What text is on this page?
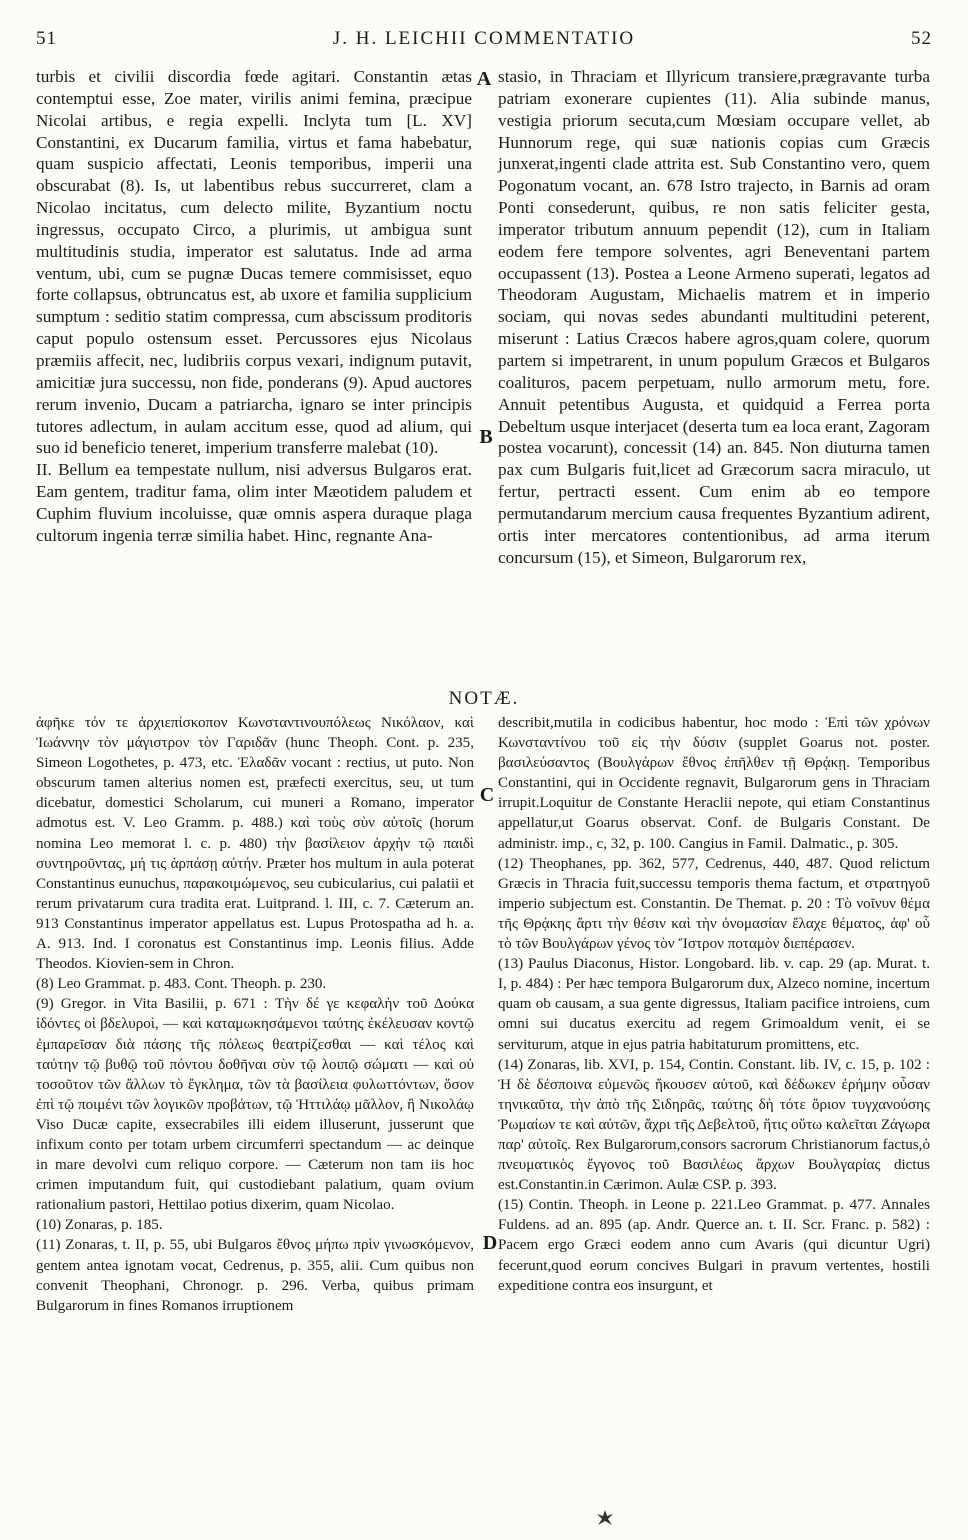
51	J. H. LEICHII COMMENTATIO	52
A
B
C
D

turbis et civilii discordia fœde agitari. Constantin ætas contemptui esse, Zoe mater, virilis animi femina, præcipue Nicolai artibus, e regia expelli. Inclyta tum [L. XV] Constantini, ex Ducarum familia, virtus et fama habebatur, quam suspicio affectati, Leonis temporibus, imperii una obscurabat (8). Is, ut labentibus rebus succurreret, clam a Nicolao incitatus, cum delecto milite, Byzantium noctu ingressus, occupato Circo, a plurimis, ut ambigua sunt multitudinis studia, imperator est salutatus. Inde ad arma ventum, ubi, cum se pugnæ Ducas temere commisisset, equo forte collapsus, obtruncatus est, ab uxore et familia supplicium sumptum : seditio statim compressa, cum abscissum proditoris caput populo ostensum esset. Percussores ejus Nicolaus præmiis affecit, nec, ludibriis corpus vexari, indignum putavit, amicitiæ jura successu, non fide, ponderans (9). Apud auctores rerum invenio, Ducam a patriarcha, ignaro se inter principis tutores adlectum, in aulam accitum esse, quod ad alium, qui suo id beneficio teneret, imperium transferre malebat (10).

II. Bellum ea tempestate nullum, nisi adversus Bulgaros erat. Eam gentem, traditur fama, olim inter Mæotidem paludem et Cuphim fluvium incoluisse, quæ omnis aspera duraque plaga cultorum ingenia terræ similia habet. Hinc, regnante Ana-

stasio, in Thraciam et Illyricum transiere,prægravante turba patriam exonerare cupientes (11). Alia subinde manus, vestigia priorum secuta,cum Mœsiam occupare vellet, ab Hunnorum rege, qui suæ nationis copias cum Græcis junxerat,ingenti clade attrita est. Sub Constantino vero, quem Pogonatum vocant, an. 678 Istro trajecto, in Barnis ad oram Ponti consederunt, quibus, re non satis feliciter gesta, imperator tributum annuum pependit (12), cum in Italiam eodem fere tempore solventes, agri Beneventani partem occupassent (13). Postea a Leone Armeno superati, legatos ad Theodoram Augustam, Michaelis matrem et in imperio sociam, qui novas sedes abundanti multitudini peterent, miserunt : Latius Cræcos habere agros,quam colere, quorum partem si impetrarent, in unum populum Græcos et Bulgaros coalituros, pacem perpetuam, nullo armorum metu, fore. Annuit petentibus Augusta, et quidquid a Ferrea porta Debeltum usque interjacet (deserta tum ea loca erant, Zagoram postea vocarunt), concessit (14) an. 845. Non diuturna tamen pax cum Bulgaris fuit,licet ad Græcorum sacra miraculo, ut fertur, pertracti essent. Cum enim ab eo tempore permutandarum mercium causa frequentes Byzantium adirent, ortis inter mercatores contentionibus, ad arma iterum concursum (15), et Simeon, Bulgarorum rex,

NOTÆ.

ἀφῆκε τόν τε ἀρχιεπίσκοπον Κωνσταντινουπόλεως Νικόλαον, καὶ Ἰωάννην τὸν μάγιστρον τὸν Γαριδᾶν (hunc Theoph. Cont. p. 235, Simeon Logothetes, p. 473, etc. Ἐλαδᾶν vocant : rectius, ut puto. Non obscurum tamen alterius nomen est, præfecti exercitus, seu, ut tum dicebatur, domestici Scholarum, cui muneri a Romano, imperator admotus est. V. Leo Gramm. p. 488.) καὶ τοὺς σὺν αὐτοῖς (horum nomina Leo memorat l. c. p. 480) τὴν βασίλειον ἀρχὴν τῷ παιδὶ συντηροῦντας, μή τις ἁρπάσῃ αὐτήν. Præter hos multum in aula poterat Constantinus eunuchus, παρακοιμώμενος, seu cubicularius, cui palatii et rerum privatarum cura tradita erat. Luitprand. l. III, c. 7. Cæterum an. 913 Constantinus imperator appellatus est. Lupus Protospatha ad h. a. A. 913. Ind. I coronatus est Constantinus imp. Leonis filius. Adde Theodos. Kiovien-sem in Chron.

(8) Leo Grammat. p. 483. Cont. Theoph. p. 230.

(9) Gregor. in Vita Basilii, p. 671 : Τὴν δέ γε κεφαλὴν τοῦ Δούκα ἰδόντες οἱ βδελυροὶ, — καὶ καταμωκησάμενοι ταύτης ἐκέλευσαν κοντῷ ἐμπαρεῖσαν διὰ πάσης τῆς πόλεως θεατρίζεσθαι — καὶ τέλος καὶ ταύτην τῷ βυθῷ τοῦ πόντου δοθῆναι σὺν τῷ λοιπῷ σώματι — καὶ οὐ τοσοῦτον τῶν ἄλλων τὸ ἔγκλημα, τῶν τὰ βασίλεια φυλωττόντων, ὅσον ἐπὶ τῷ ποιμένι τῶν λογικῶν προβάτων, τῷ Ἠττιλάῳ μᾶλλον, ἢ Νικολάῳ Viso Ducæ capite, exsecrabiles illi eidem illuserunt, jusserunt que infixum conto per totam urbem circumferri spectandum — ac deinque in mare devolvi cum reliquo corpore. — Cæterum non tam iis hoc crimen imputandum fuit, qui custodiebant palatium, quam ovium rationalium pastori, Hettilao potius dixerim, quam Nicolao.

(10) Zonaras, p. 185.

(11) Zonaras, t. II, p. 55, ubi Bulgaros ἔθνος μήπω πρὶν γινωσκόμενον, gentem antea ignotam vocat, Cedrenus, p. 355, alii. Cum quibus non convenit Theophani, Chronogr. p. 296. Verba, quibus primam Bulgarorum in fines Romanos irruptionem

describit,mutila in codicibus habentur, hoc modo : Ἐπὶ τῶν χρόνων Κωνσταντίνου τοῦ εἰς τὴν δύσιν (supplet Goarus not. poster. βασιλεύσαντος (Βουλγάρων ἔθνος ἐπῆλθεν τῇ Θρᾴκῃ. Temporibus Constantini, qui in Occidente regnavit, Bulgarorum gens in Thraciam irrupit.Loquitur de Constante Heraclii nepote, qui etiam Constantinus appellatur,ut Goarus observat. Conf. de Bulgaris Constant. De administr. imp., c, 32, p. 100. Cangius in Famil. Dalmatic., p. 305.

(12) Theophanes, pp. 362, 577, Cedrenus, 440, 487. Quod relictum Græcis in Thracia fuit,successu temporis thema factum, et στρατηγοῦ imperio subjectum est. Constantin. De Themat. p. 20 : Τὸ νοῖνυν θέμα τῆς Θρᾴκης ἄρτι τὴν θέσιν καὶ τὴν ὀνομασίαν ἔλαχε θέματος, ἀφ' οὗ τὸ τῶν Βουλγάρων γένος τὸν Ἴστρον ποταμὸν διεπέρασεν.

(13) Paulus Diaconus, Histor. Longobard. lib. v. cap. 29 (ap. Murat. t. I, p. 484) : Per hæc tempora Bulgarorum dux, Alzeco nomine, incertum quam ob causam, a sua gente digressus, Italiam pacifice introiens, cum omni sui ducatus exercitu ad regem Grimoaldum venit, ei se serviturum, atque in ejus patria habitaturum promittens, etc.

(14) Zonaras, lib. XVI, p. 154, Contin. Constant. lib. IV, c. 15, p. 102 : Ἡ δὲ δέσποινα εὐμενῶς ἤκουσεν αὐτοῦ, καὶ δέδωκεν ἐρήμην οὖσαν τηνικαῦτα, τὴν ἀπὸ τῆς Σιδηρᾶς, ταύτης δὴ τότε ὅριον τυγχανούσης Ῥωμαίων τε καὶ αὐτῶν, ἄχρι τῆς Δεβελτοῦ, ἥτις οὕτω καλεῖται Ζάγωρα παρ' αὐτοῖς. Rex Bulgarorum,consors sacrorum Christianorum factus,ὁ πνευματικὸς ἔγγονος τοῦ Βασιλέως ἄρχων Βουλγαρίας dictus est.Constantin.in Cærimon. Aulæ CSP. p. 393.

(15) Contin. Theoph. in Leone p. 221.Leo Grammat. p. 477. Annales Fuldens. ad an. 895 (ap. Andr. Querce an. t. II. Scr. Franc. p. 582) : Pacem ergo Græci eodem anno cum Avaris (qui dicuntur Ugri) fecerunt,quod eorum concives Bulgari in pravum vertentes, hostili expeditione contra eos insurgunt, et
